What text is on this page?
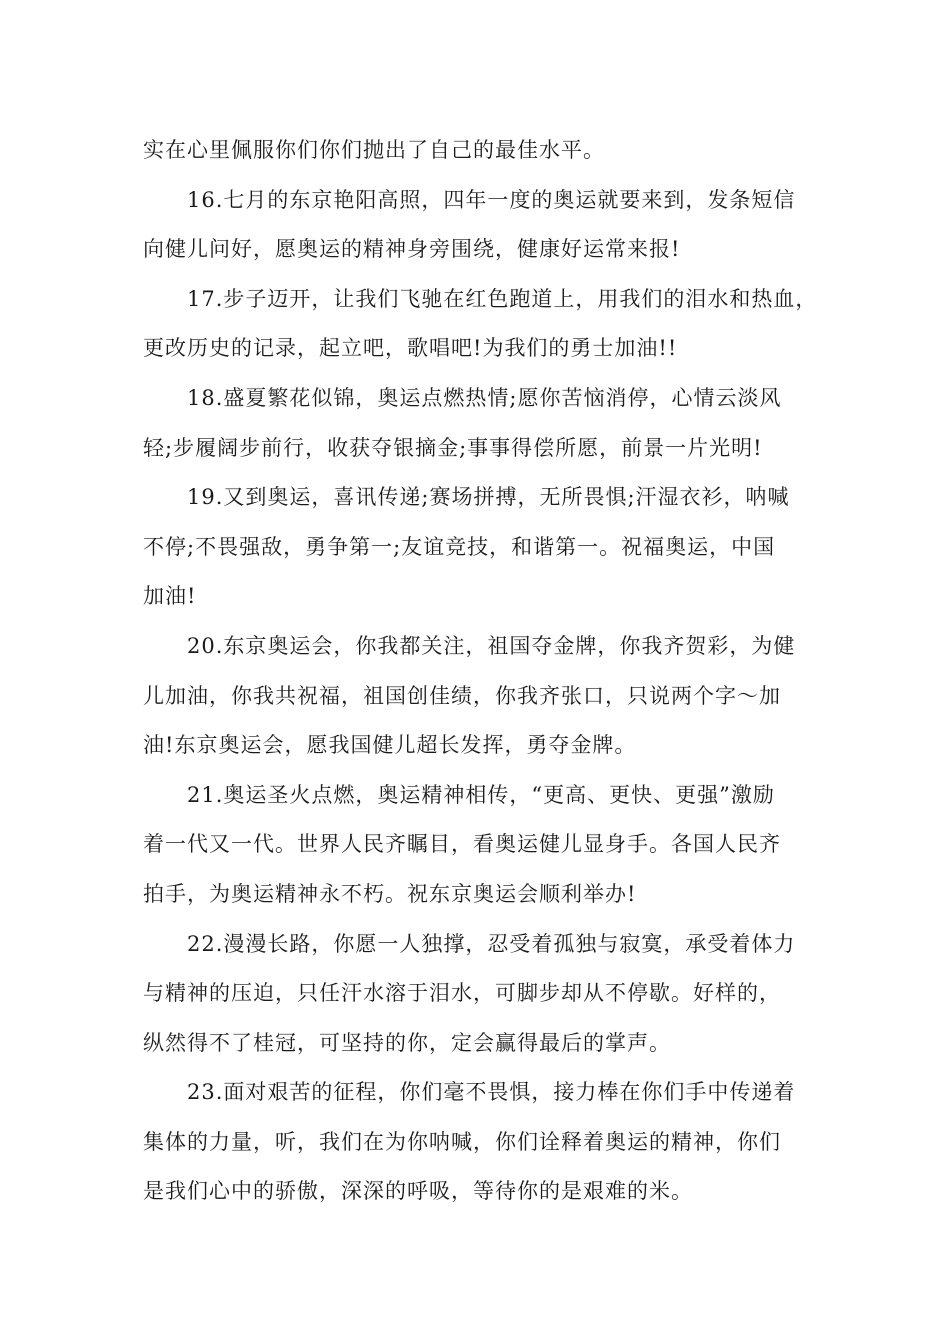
实在心里佩服你们你们抛出了自己的最佳水平。
16.七月的东京艳阳高照，四年一度的奥运就要来到，发条短信
向健儿问好，愿奥运的精神身旁围绕，健康好运常来报!
17.步子迈开，让我们飞驰在红色跑道上，用我们的泪水和热血，
更改历史的记录，起立吧，歌唱吧!为我们的勇士加油!!
18.盛夏繁花似锦，奥运点燃热情;愿你苦恼消停，心情云淡风
轻;步履阔步前行，收获夺银摘金;事事得偿所愿，前景一片光明!
19.又到奥运，喜讯传递;赛场拼搏，无所畏惧;汗湿衣衫，呐喊
不停;不畏强敌，勇争第一;友谊竞技，和谐第一。祝福奥运，中国
加油!
20.东京奥运会，你我都关注，祖国夺金牌，你我齐贺彩，为健
儿加油，你我共祝福，祖国创佳绩，你我齐张口，只说两个字～加
油!东京奥运会，愿我国健儿超长发挥，勇夺金牌。
21.奥运圣火点燃，奥运精神相传，“更高、更快、更强”激励
着一代又一代。世界人民齐瞩目，看奥运健儿显身手。各国人民齐
拍手，为奥运精神永不朽。祝东京奥运会顺利举办!
22.漫漫长路，你愿一人独撑，忍受着孤独与寂寞，承受着体力
与精神的压迫，只任汗水溶于泪水，可脚步却从不停歇。好样的，
纵然得不了桂冠，可坚持的你，定会赢得最后的掌声。
23.面对艰苦的征程，你们毫不畏惧，接力棒在你们手中传递着
集体的力量，听，我们在为你呐喊，你们诠释着奥运的精神，你们
是我们心中的骄傲，深深的呼吸，等待你的是艰难的米。
